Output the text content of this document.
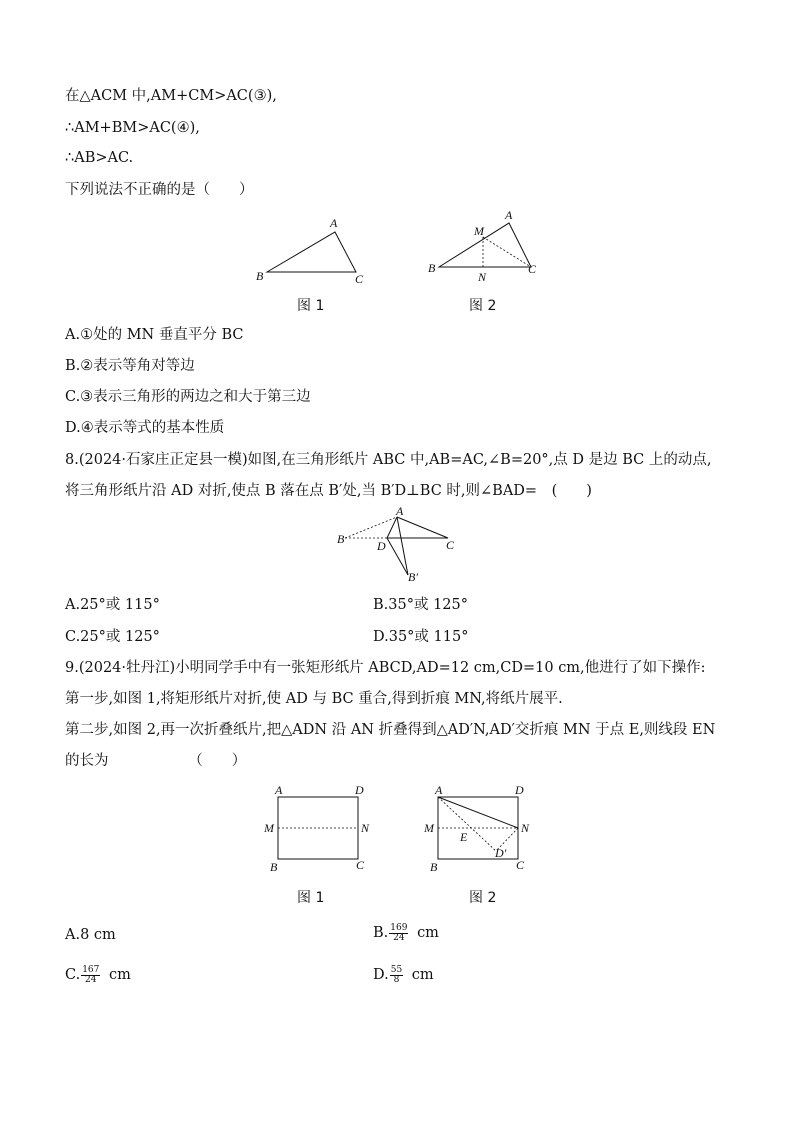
在△ACM 中,AM+CM>AC(③),
∴AM+BM>AC(④),
∴AB>AC.
下列说法不正确的是（　　）
A
B	C
图 1
A
M
B
N
C
图 2
A.①处的 MN 垂直平分 BC
B.②表示等角对等边
C.③表示三角形的两边之和大于第三边
D.④表示等式的基本性质
8.(2024·石家庄正定县一模)如图,在三角形纸片 ABC 中,AB=AC,∠B=20°,点 D 是边 BC 上的动点,
将三角形纸片沿 AD 对折,使点 B 落在点 B′处,当 B′D⊥BC 时,则∠BAD=　(　　)
A
B	D	C
B′
A.25°或 115°	B.35°或 125°
C.25°或 125°	D.35°或 115°
9.(2024·牡丹江)小明同学手中有一张矩形纸片 ABCD,AD=12 cm,CD=10 cm,他进行了如下操作:
第一步,如图 1,将矩形纸片对折,使 AD 与 BC 重合,得到折痕 MN,将纸片展平.
第二步,如图 2,再一次折叠纸片,把△ADN 沿 AN 折叠得到△AD′N,AD′交折痕 MN 于点 E,则线段 EN
的长为　　　　　　（　　）
A	D
M	N
B	C
图 1
A	D
M	N
E
D′
B	C
图 2
A.8 cm	B. $\frac{169}{24}$ cm
C. $\frac{167}{24}$ cm	D. $\frac{55}{8}$ cm
